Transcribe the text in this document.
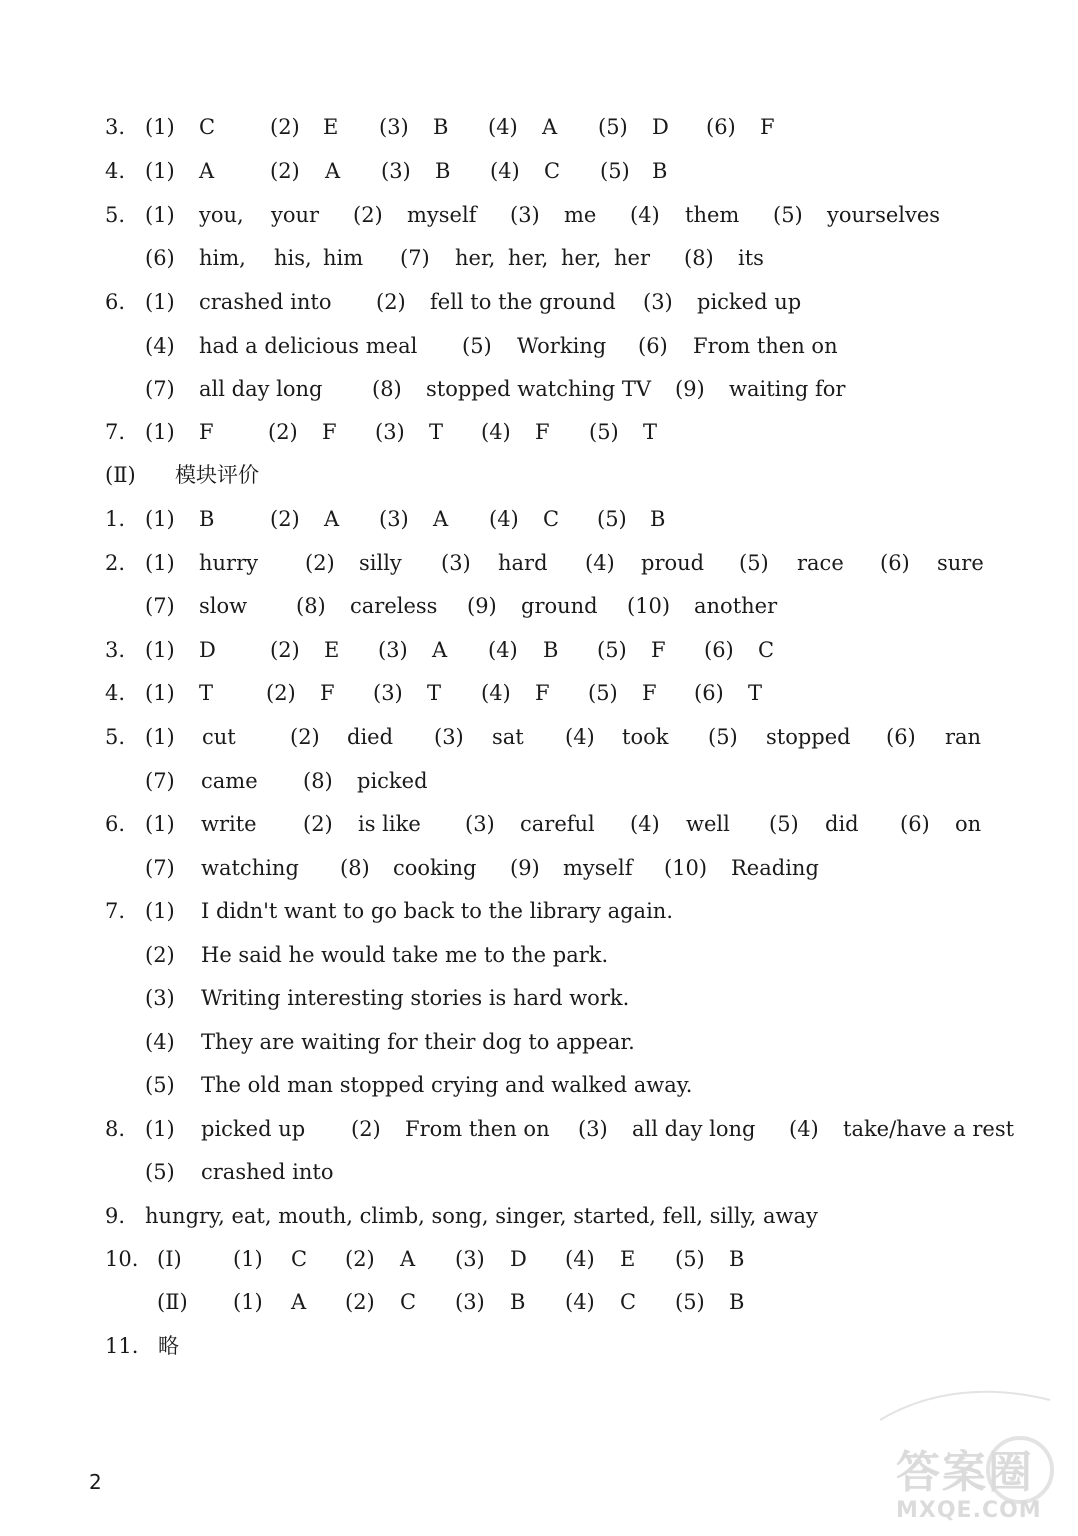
3. (1) C	(2) E (3) B (4) A (5) D (6) F
4. (1) A	(2) A (3) B (4) C (5) B
5. (1) you, your (2) myself (3) me (4) them (5) yourselves
(6) him, his, him (7) her, her, her, her (8) its
6. (1) crashed into (2) fell to the ground (3) picked up
(4) had a delicious meal (5) Working (6) From then on
(7) all day long (8) stopped watching TV (9) waiting for
7. (1) F	(2) F (3) T (4) F (5) T
(Ⅱ) 模块评价
1. (1) B	(2) A (3) A (4) C (5) B
2. (1) hurry (2) silly (3) hard (4) proud (5) race (6) sure
(7) slow (8) careless (9) ground (10) another
3. (1) D	(2) E (3) A (4) B (5) F (6) C
4. (1) T	(2) F (3) T (4) F (5) F (6) T
5. (1) cut	(2) died (3) sat (4) took (5) stopped (6) ran
(7) came (8) picked
6. (1) write (2) is like (3) careful (4) well (5) did (6) on
(7) watching (8) cooking (9) myself (10) Reading
7. (1) I didn't want to go back to the library again.
(2) He said he would take me to the park.
(3) Writing interesting stories is hard work.
(4) They are waiting for their dog to appear.
(5) The old man stopped crying and walked away.
8. (1) picked up (2) From then on (3) all day long (4) take/have a rest
(5) crashed into
9. hungry, eat, mouth, climb, song, singer, started, fell, silly, away
10. (Ⅰ) (1) C (2) A (3) D (4) E (5) B
(Ⅱ) (1) A (2) C (3) B (4) C (5) B
11. 略
2	答案圈
MXQE.COM
